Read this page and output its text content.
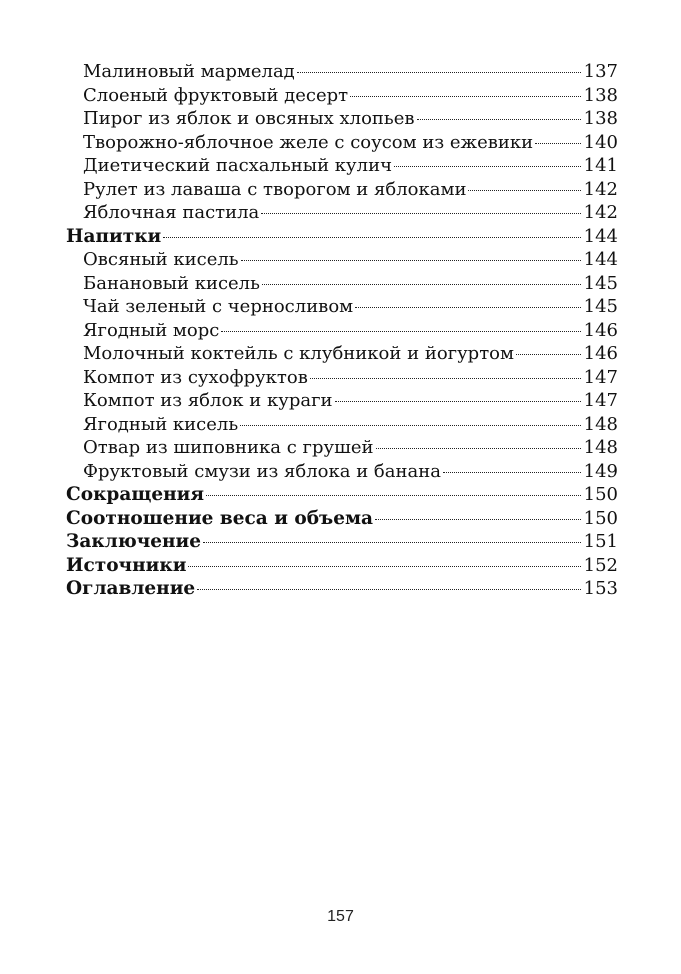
Малиновый мармелад	137
Слоеный фруктовый десерт	138
Пирог из яблок и овсяных хлопьев	138
Творожно-яблочное желе с соусом из ежевики	140
Диетический пасхальный кулич	141
Рулет из лаваша с творогом и яблоками	142
Яблочная пастила	142
Напитки	144
Овсяный кисель	144
Банановый кисель	145
Чай зеленый с черносливом	145
Ягодный морс	146
Молочный коктейль с клубникой и йогуртом	146
Компот из сухофруктов	147
Компот из яблок и кураги	147
Ягодный кисель	148
Отвар из шиповника с грушей	148
Фруктовый смузи из яблока и банана	149
Сокращения	150
Соотношение веса и объема	150
Заключение	151
Источники	152
Оглавление	153
157
